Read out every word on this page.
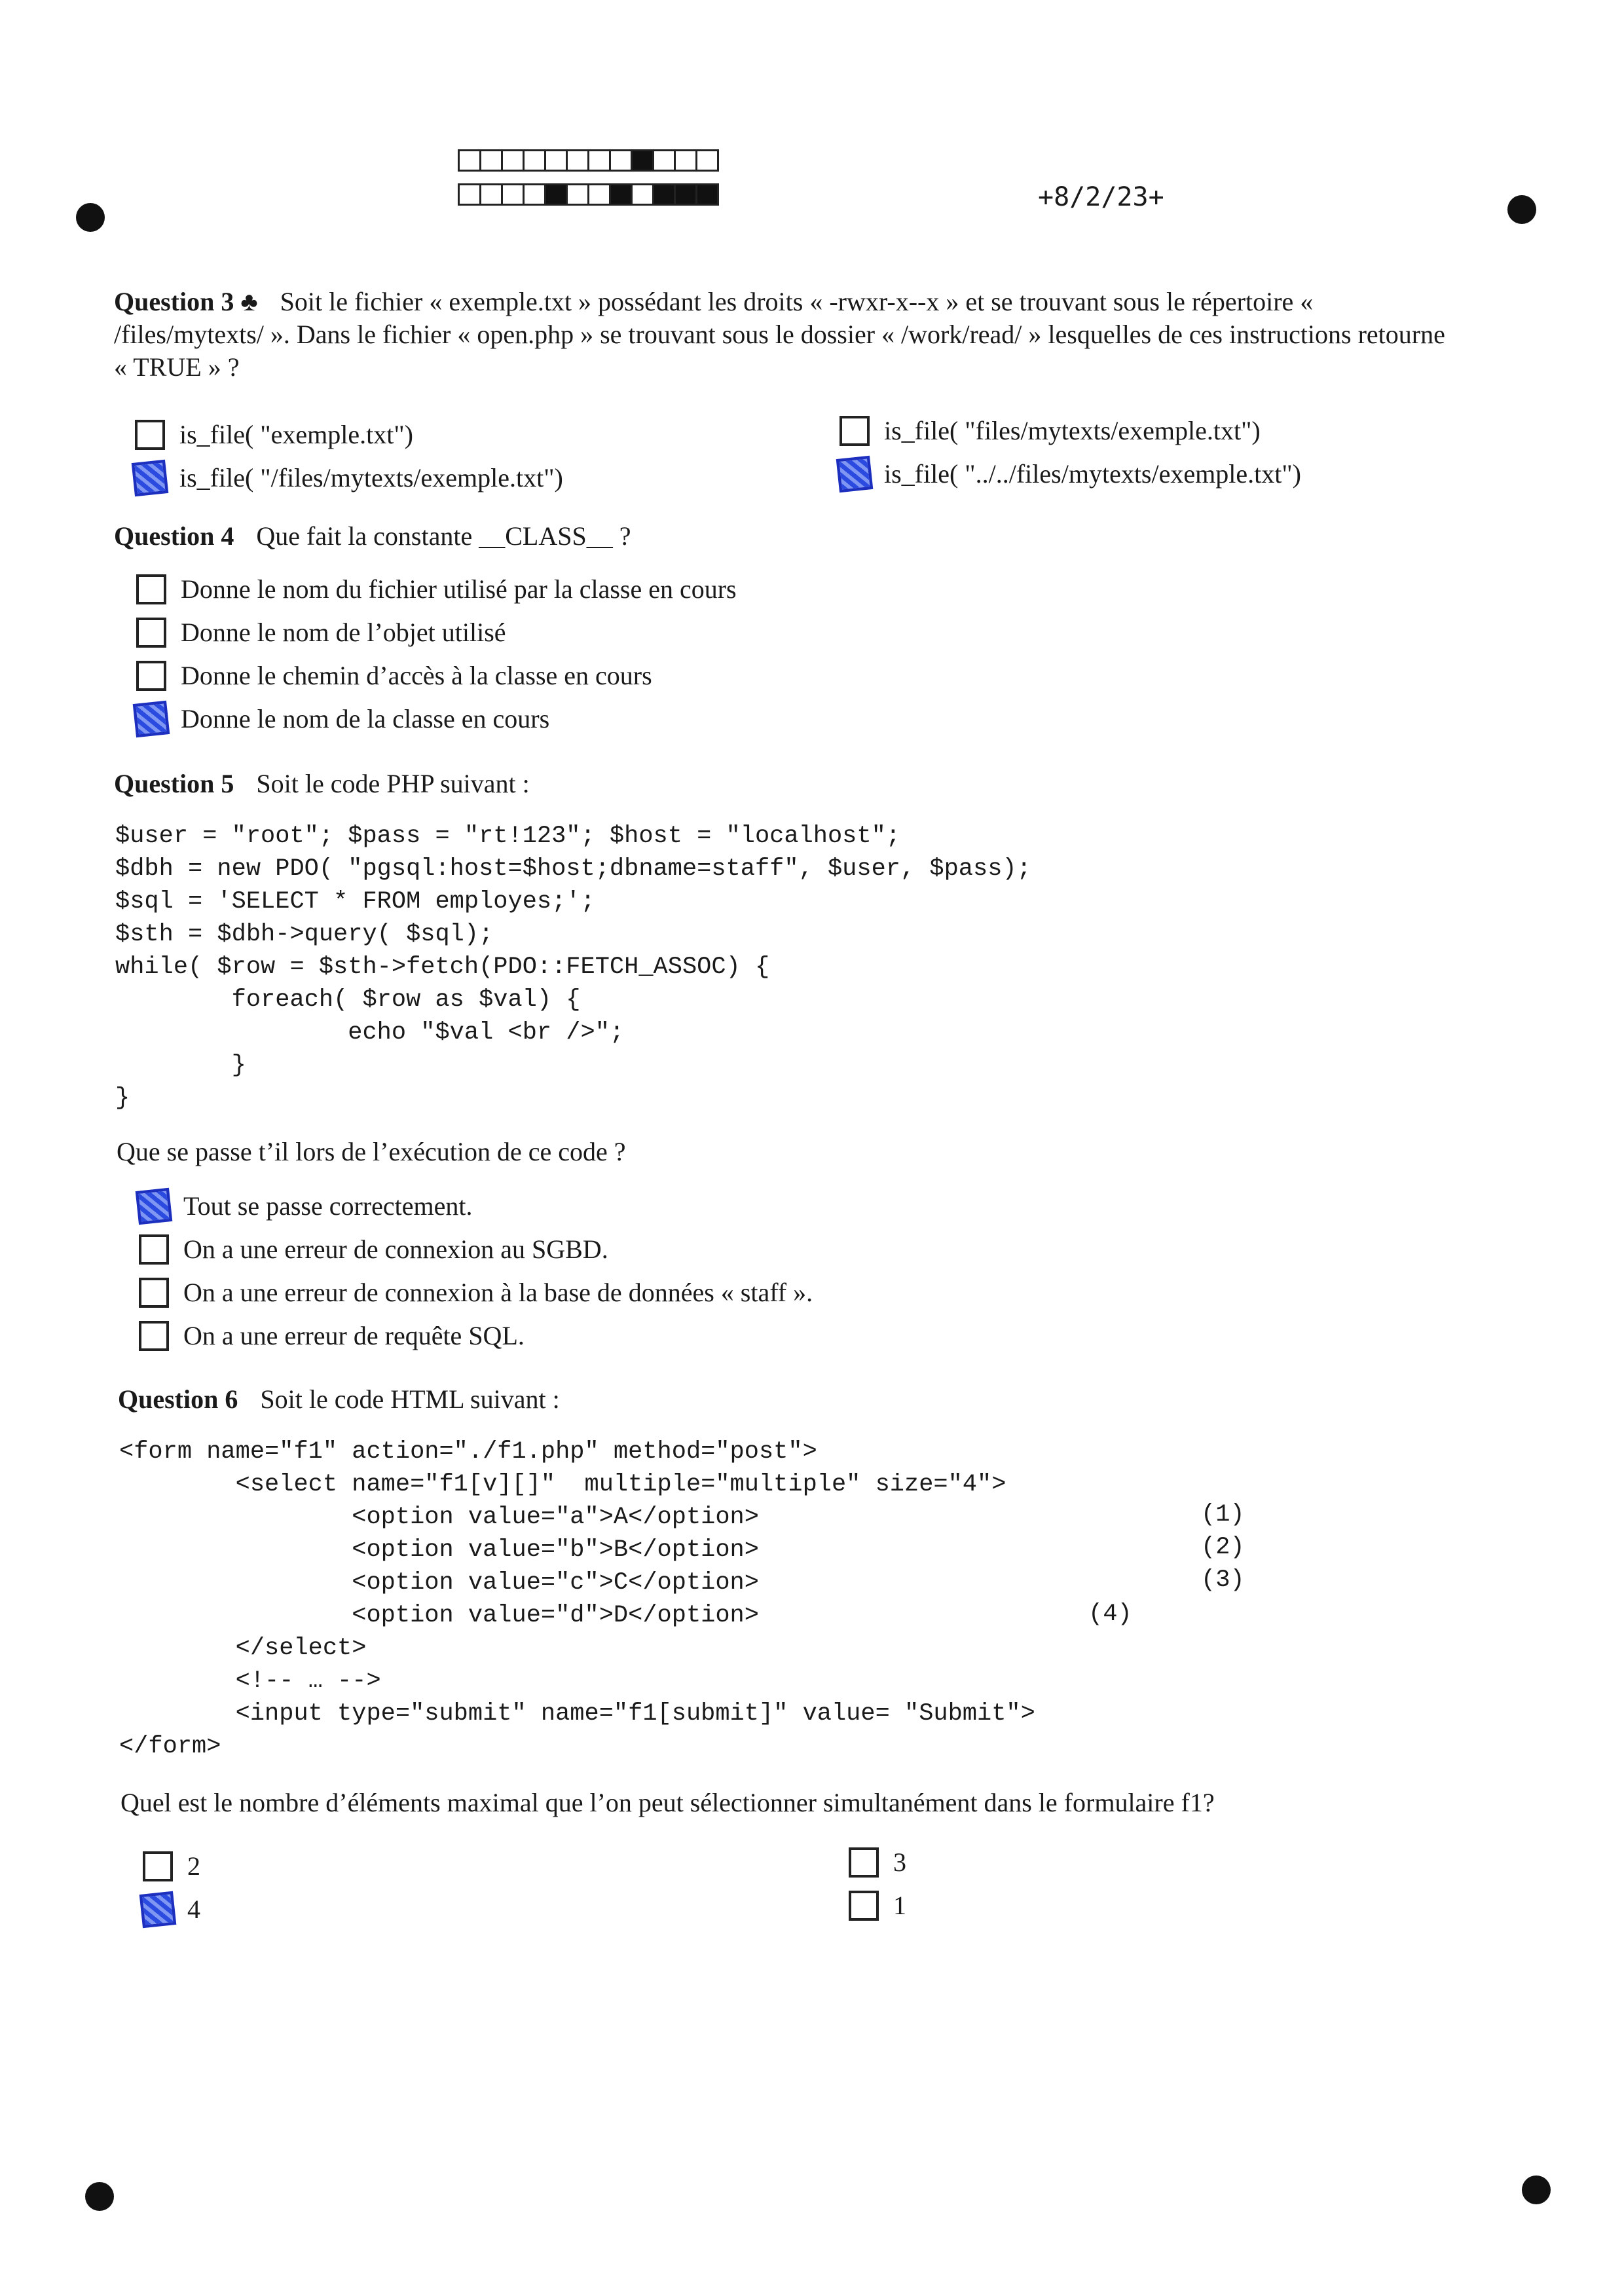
+8/2/23+
Question 3 ♣ Soit le fichier « exemple.txt » possédant les droits « -rwxr-x--x » et se trouvant sous le répertoire «
/files/mytexts/ ». Dans le fichier « open.php » se trouvant sous le dossier « /work/read/ » lesquelles de ces instructions retourne
« TRUE » ?
is_file( "exemple.txt")
is_file( "/files/mytexts/exemple.txt")
is_file( "files/mytexts/exemple.txt")
is_file( "../../files/mytexts/exemple.txt")
Question 4 Que fait la constante __CLASS__ ?
Donne le nom du fichier utilisé par la classe en cours
Donne le nom de l’objet utilisé
Donne le chemin d’accès à la classe en cours
Donne le nom de la classe en cours
Question 5 Soit le code PHP suivant :
$user = "root"; $pass = "rt!123"; $host = "localhost";
$dbh = new PDO( "pgsql:host=$host;dbname=staff", $user, $pass);
$sql = 'SELECT * FROM employes;';
$sth = $dbh->query( $sql);
while( $row = $sth->fetch(PDO::FETCH_ASSOC) {
foreach( $row as $val) {
echo "$val <br />";
}
}
Que se passe t’il lors de l’exécution de ce code ?
Tout se passe correctement.
On a une erreur de connexion au SGBD.
On a une erreur de connexion à la base de données « staff ».
On a une erreur de requête SQL.
Question 6 Soit le code HTML suivant :
<form name="f1" action="./f1.php" method="post">
<select name="f1[v][]"  multiple="multiple" size="4">
<option value="a">A</option>
<option value="b">B</option>
<option value="c">C</option>
<option value="d">D</option>
</select>
<!-- … -->
<input type="submit" name="f1[submit]" value= "Submit">
</form>
(1)
(2)
(3)
(4)
Quel est le nombre d’éléments maximal que l’on peut sélectionner simultanément dans le formulaire f1?
2
4
3
1
